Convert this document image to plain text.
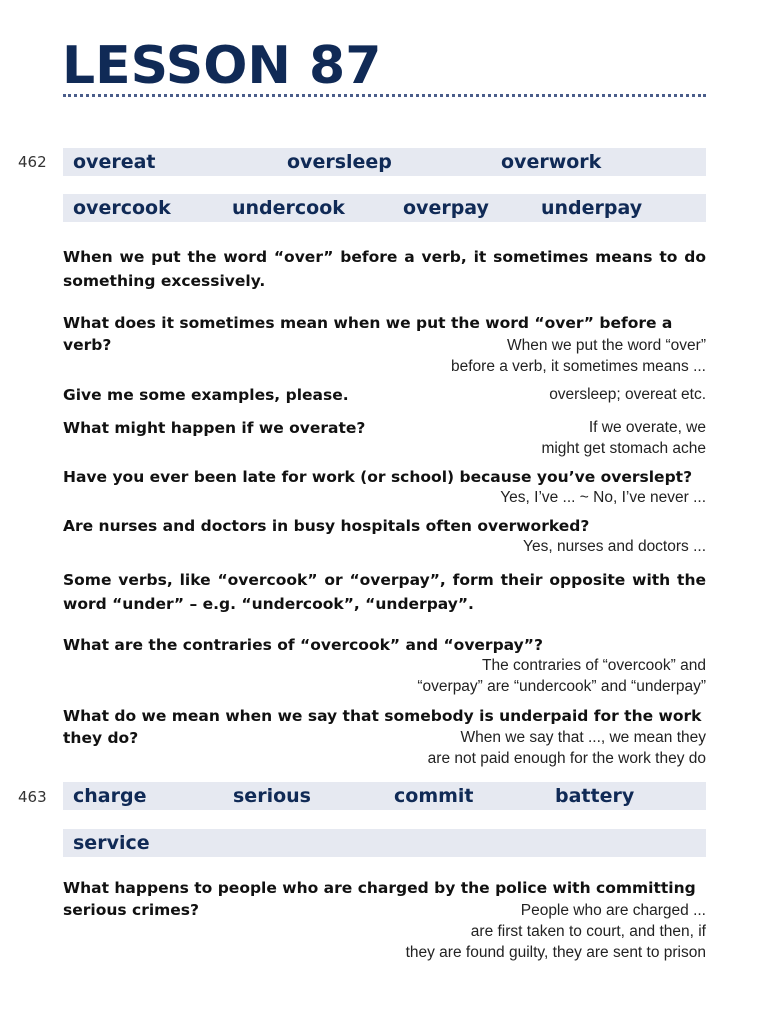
LESSON 87
462 overeat	oversleep	overwork
overcook	undercook	overpay	underpay
When we put the word “over” before a verb, it sometimes means to do something excessively.
What does it sometimes mean when we put the word “over” before a verb?	When we put the word “over”
before a verb, it sometimes means ...
Give me some examples, please.	oversleep; overeat etc.
What might happen if we overate?	If we overate, we
might get stomach ache
Have you ever been late for work (or school) because you’ve overslept?
Yes, I’ve ... ~ No, I’ve never ...
Are nurses and doctors in busy hospitals often overworked?
Yes, nurses and doctors ...
Some verbs, like “overcook” or “overpay”, form their opposite with the word “under” – e.g. “undercook”, “underpay”.
What are the contraries of “overcook” and “overpay”?
The contraries of “overcook” and
“overpay” are “undercook” and “underpay”
What do we mean when we say that somebody is underpaid for the work they do?	When we say that ..., we mean they
are not paid enough for the work they do
463 charge	serious	commit	battery
service
What happens to people who are charged by the police with committing serious crimes?	People who are charged ...
are first taken to court, and then, if
they are found guilty, they are sent to prison
